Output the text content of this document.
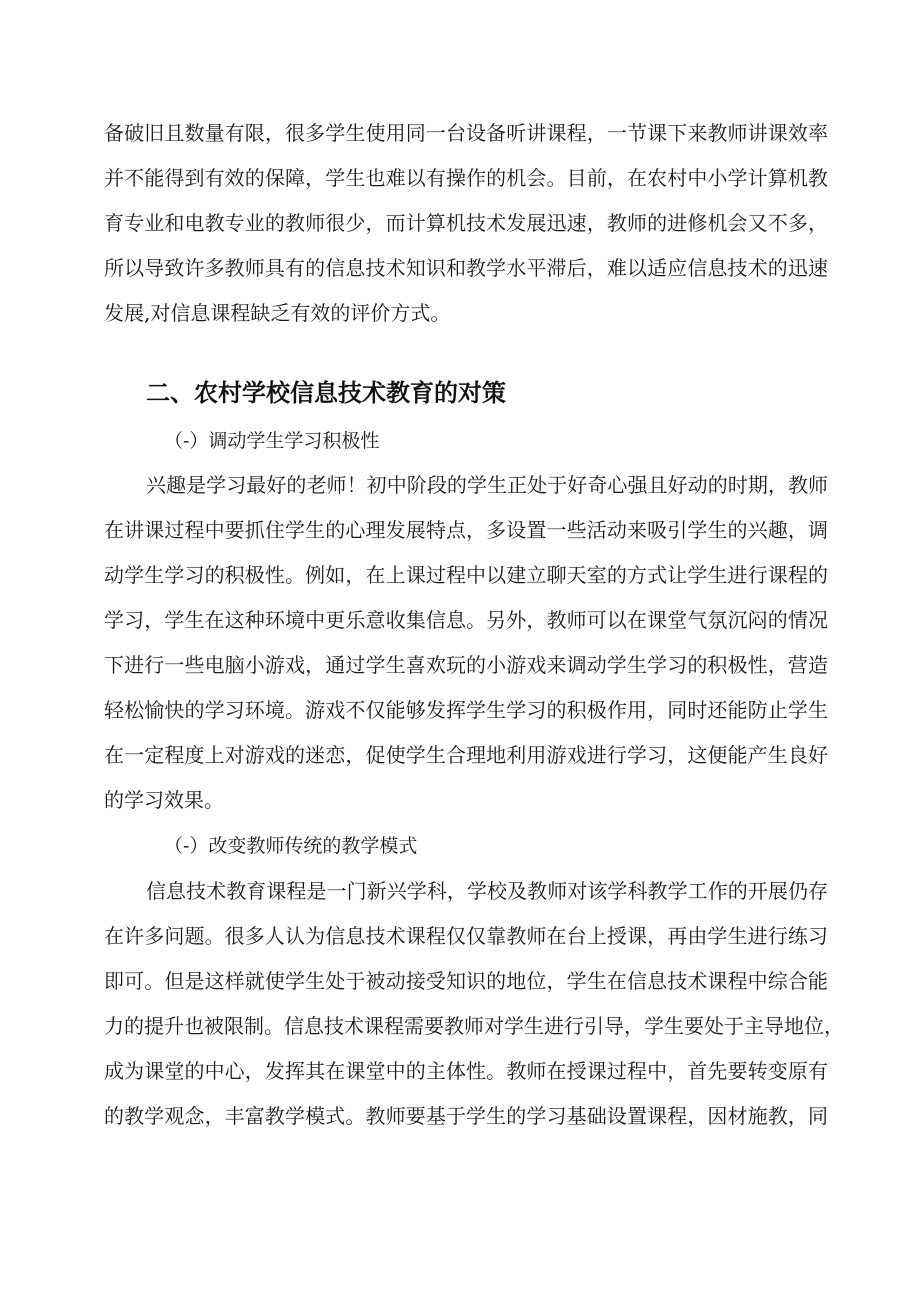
备破旧且数量有限，很多学生使用同一台设备听讲课程，一节课下来教师讲课效率
并不能得到有效的保障，学生也难以有操作的机会。目前，在农村中小学计算机教
育专业和电教专业的教师很少，而计算机技术发展迅速，教师的进修机会又不多，
所以导致许多教师具有的信息技术知识和教学水平滞后，难以适应信息技术的迅速
发展,对信息课程缺乏有效的评价方式。
二、农村学校信息技术教育的对策
（-）调动学生学习积极性
兴趣是学习最好的老师！初中阶段的学生正处于好奇心强且好动的时期，教师
在讲课过程中要抓住学生的心理发展特点，多设置一些活动来吸引学生的兴趣，调
动学生学习的积极性。例如，在上课过程中以建立聊天室的方式让学生进行课程的
学习，学生在这种环境中更乐意收集信息。另外，教师可以在课堂气氛沉闷的情况
下进行一些电脑小游戏，通过学生喜欢玩的小游戏来调动学生学习的积极性，营造
轻松愉快的学习环境。游戏不仅能够发挥学生学习的积极作用，同时还能防止学生
在一定程度上对游戏的迷恋，促使学生合理地利用游戏进行学习，这便能产生良好
的学习效果。
（-）改变教师传统的教学模式
信息技术教育课程是一门新兴学科，学校及教师对该学科教学工作的开展仍存
在许多问题。很多人认为信息技术课程仅仅靠教师在台上授课，再由学生进行练习
即可。但是这样就使学生处于被动接受知识的地位，学生在信息技术课程中综合能
力的提升也被限制。信息技术课程需要教师对学生进行引导，学生要处于主导地位，
成为课堂的中心，发挥其在课堂中的主体性。教师在授课过程中，首先要转变原有
的教学观念，丰富教学模式。教师要基于学生的学习基础设置课程，因材施教，同
